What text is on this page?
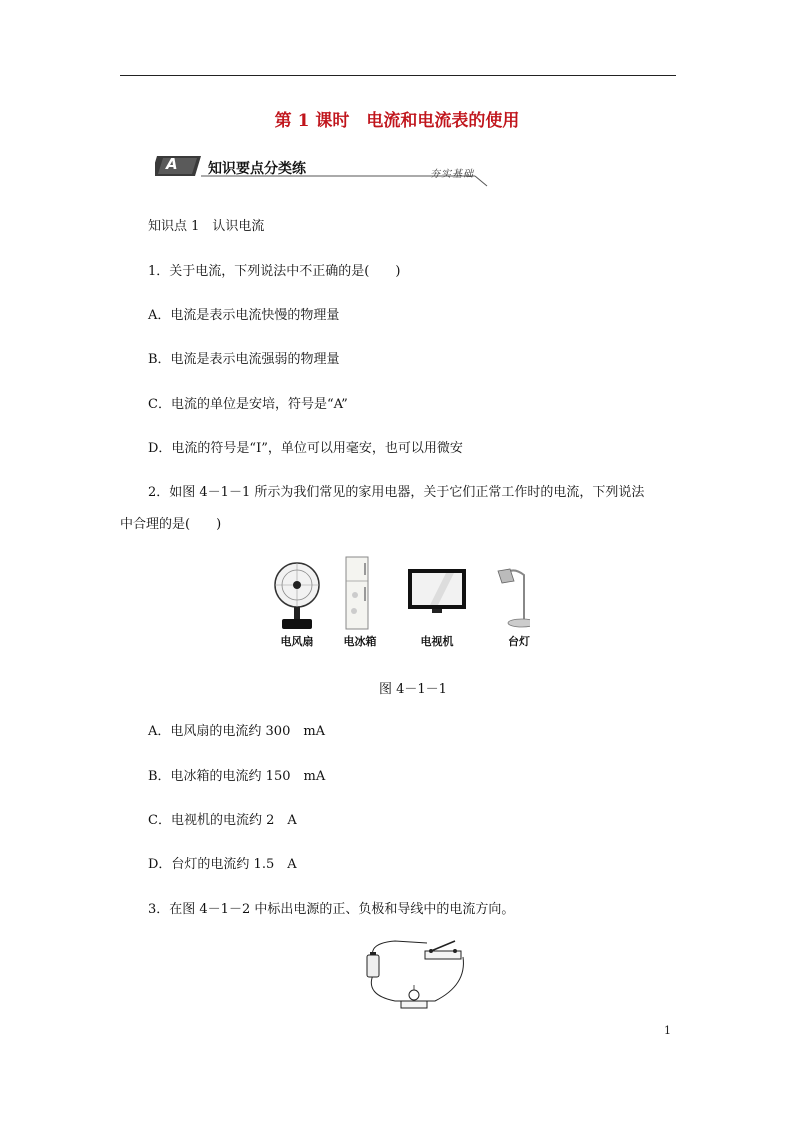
第 1 课时　电流和电流表的使用
A 知识要点分类练	夯实基础
知识点 1　认识电流
1．关于电流，下列说法中不正确的是(　　)
A．电流是表示电流快慢的物理量
B．电流是表示电流强弱的物理量
C．电流的单位是安培，符号是“A”
D．电流的符号是“I”，单位可以用毫安，也可以用微安
2．如图 4－1－1 所示为我们常见的家用电器，关于它们正常工作时的电流，下列说法
中合理的是(　　)
电风扇	电冰箱	电视机	台灯
图 4－1－1
A．电风扇的电流约 300　mA
B．电冰箱的电流约 150　mA
C．电视机的电流约 2　A
D．台灯的电流约 1.5　A
3．在图 4－1－2 中标出电源的正、负极和导线中的电流方向。
1
